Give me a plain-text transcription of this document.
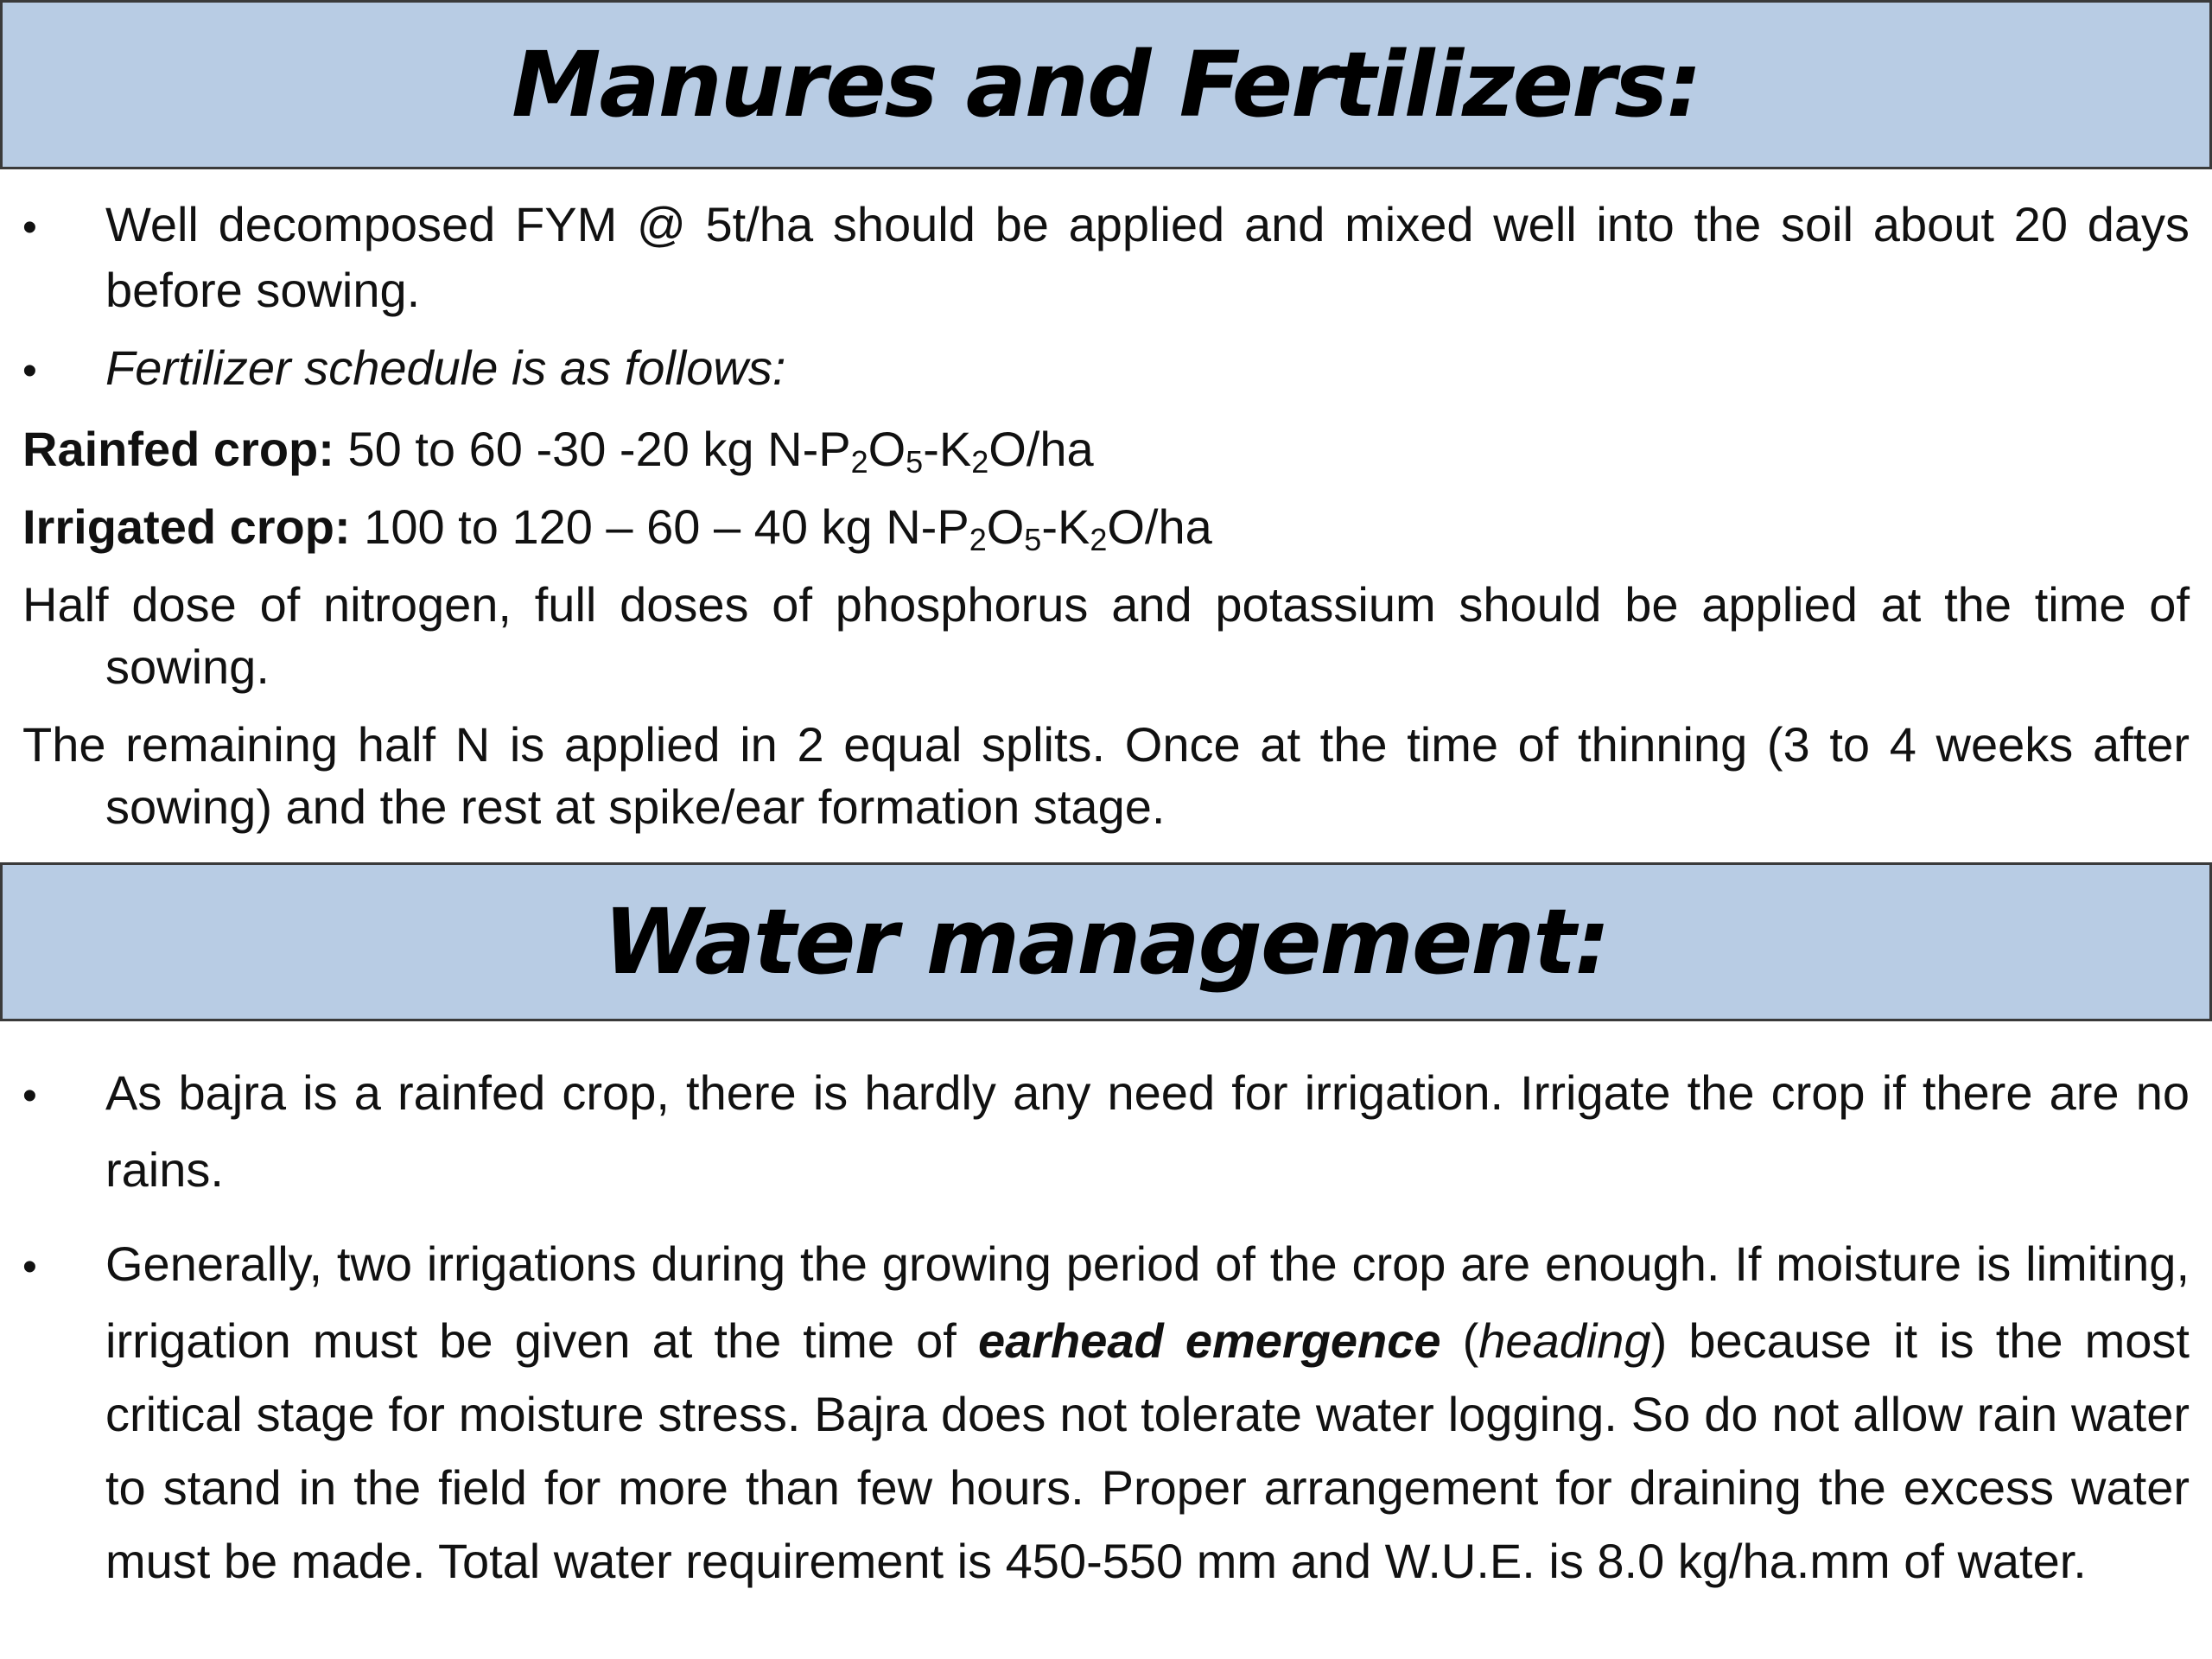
Manures and Fertilizers:

• Well decomposed FYM @ 5t/ha should be applied and mixed well into the soil about 20 days before sowing.

• Fertilizer schedule is as follows:

Rainfed crop: 50 to 60 -30 -20 kg $N-P_2O_5-K_2O/ha$

Irrigated crop: 100 to 120 – 60 – 40 kg $N-P_2O_5-K_2O/ha$

Half dose of nitrogen, full doses of phosphorus and potassium should be applied at the time of sowing.

The remaining half N is applied in 2 equal splits. Once at the time of thinning (3 to 4 weeks after sowing) and the rest at spike/ear formation stage.

Water management:

• As bajra is a rainfed crop, there is hardly any need for irrigation. Irrigate the crop if there are no rains.

• Generally, two irrigations during the growing period of the crop are enough. If moisture is limiting, irrigation must be given at the time of earhead emergence (heading) because it is the most critical stage for moisture stress. Bajra does not tolerate water logging. So do not allow rain water to stand in the field for more than few hours. Proper arrangement for draining the excess water must be made. Total water requirement is 450-550 mm and W.U.E. is 8.0 kg/ha.mm of water.
